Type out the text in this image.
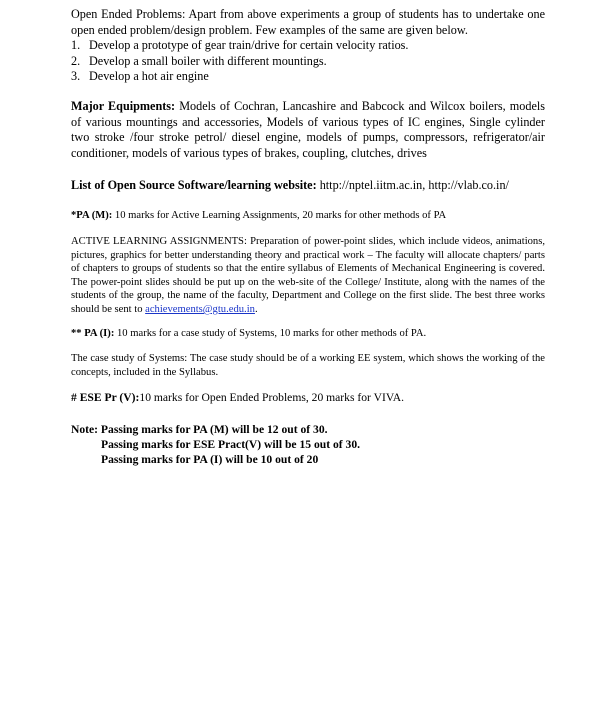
Open Ended Problems: Apart from above experiments a group of students has to undertake one open ended problem/design problem. Few examples of the same are given below.
1. Develop a prototype of gear train/drive for certain velocity ratios.
2. Develop a small boiler with different mountings.
3. Develop a hot air engine
Major Equipments: Models of Cochran, Lancashire and Babcock and Wilcox boilers, models of various mountings and accessories, Models of various types of IC engines, Single cylinder two stroke /four stroke petrol/ diesel engine, models of pumps, compressors, refrigerator/air conditioner, models of various types of brakes, coupling, clutches, drives
List of Open Source Software/learning website: http://nptel.iitm.ac.in, http://vlab.co.in/
*PA (M): 10 marks for Active Learning Assignments, 20 marks for other methods of PA
ACTIVE LEARNING ASSIGNMENTS: Preparation of power-point slides, which include videos, animations, pictures, graphics for better understanding theory and practical work – The faculty will allocate chapters/ parts of chapters to groups of students so that the entire syllabus of Elements of Mechanical Engineering is covered. The power-point slides should be put up on the web-site of the College/ Institute, along with the names of the students of the group, the name of the faculty, Department and College on the first slide. The best three works should be sent to achievements@gtu.edu.in.
** PA (I): 10 marks for a case study of Systems, 10 marks for other methods of PA.
The case study of Systems: The case study should be of a working EE system, which shows the working of the concepts, included in the Syllabus.
# ESE Pr (V):10 marks for Open Ended Problems, 20 marks for VIVA.
Note: Passing marks for PA (M) will be 12 out of 30.
Passing marks for ESE Pract(V) will be 15 out of 30.
Passing marks for PA (I) will be 10 out of 20
